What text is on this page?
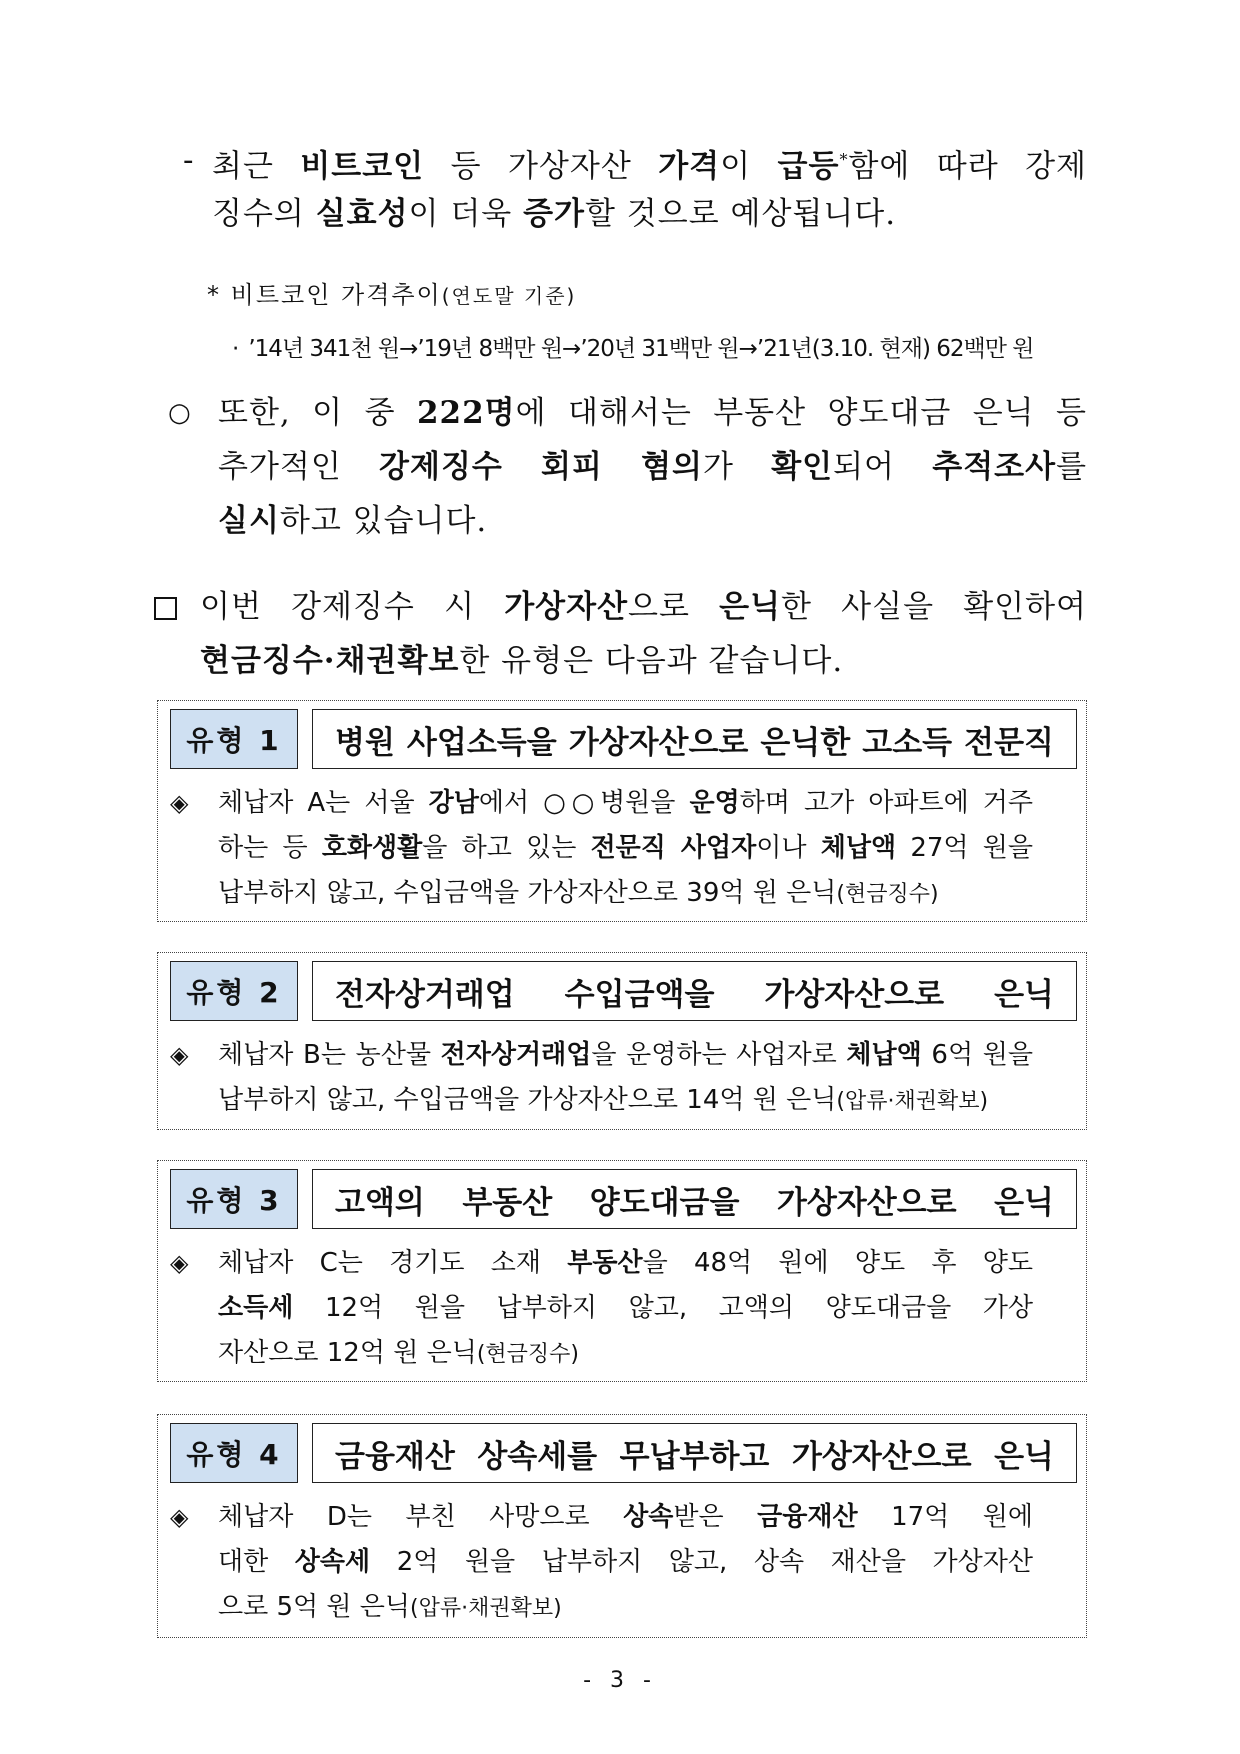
- 최근 비트코인 등 가상자산 가격이 급등*함에 따라 강제
징수의 실효성이 더욱 증가할 것으로 예상됩니다.
* 비트코인 가격추이(연도말 기준)
· ’14년 341천 원→’19년 8백만 원→’20년 31백만 원→’21년(3.10. 현재) 62백만 원
○ 또한, 이 중 222명에 대해서는 부동산 양도대금 은닉 등
추가적인 강제징수 회피 혐의가 확인되어 추적조사를
실시하고 있습니다.
이번 강제징수 시 가상자산으로 은닉한 사실을 확인하여
현금징수·채권확보한 유형은 다음과 같습니다.
유형 1	병원 사업소득을 가상자산으로 은닉한 고소득 전문직
◈ 체납자 A는 서울 강남에서 ○○병원을 운영하며 고가 아파트에 거주
하는 등 호화생활을 하고 있는 전문직 사업자이나 체납액 27억 원을
납부하지 않고, 수입금액을 가상자산으로 39억 원 은닉(현금징수)
유형 2	전자상거래업 수입금액을 가상자산으로 은닉
◈ 체납자 B는 농산물 전자상거래업을 운영하는 사업자로 체납액 6억 원을
납부하지 않고, 수입금액을 가상자산으로 14억 원 은닉(압류·채권확보)
유형 3	고액의 부동산 양도대금을 가상자산으로 은닉
◈ 체납자 C는 경기도 소재 부동산을 48억 원에 양도 후 양도
소득세 12억 원을 납부하지 않고, 고액의 양도대금을 가상
자산으로 12억 원 은닉(현금징수)
유형 4	금융재산 상속세를 무납부하고 가상자산으로 은닉
◈ 체납자 D는 부친 사망으로 상속받은 금융재산 17억 원에
대한 상속세 2억 원을 납부하지 않고, 상속 재산을 가상자산
으로 5억 원 은닉(압류·채권확보)
- 3 -
